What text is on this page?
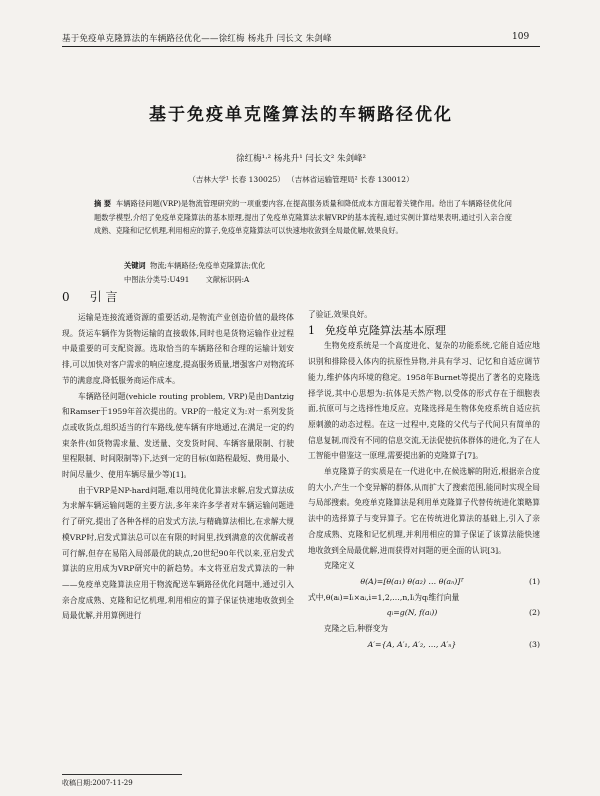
基于免疫单克隆算法的车辆路径优化——徐红梅 杨兆升 闫长文 朱剑峰	109
基于免疫单克隆算法的车辆路径优化
徐红梅¹·² 杨兆升¹ 闫长文² 朱剑峰²
（吉林大学¹ 长春 130025） （吉林省运输管理局² 长春 130012）
摘 要 车辆路径问题(VRP)是物流管理研究的一项重要内容,在提高服务质量和降低成本方面起着关键作用。给出了车辆路径优化问题数学模型,介绍了免疫单克隆算法的基本原理,提出了免疫单克隆算法求解VRP的基本流程,通过实例计算结果表明,通过引入亲合度成熟、克隆和记忆机理,利用相应的算子,免疫单克隆算法可以快速地收敛到全局最优解,效果良好。
关键词 物流;车辆路径;免疫单克隆算法;优化
中图法分类号:U491 文献标识码:A
0 引 言

运输是连接流通资源的重要活动,是物流产业创造价值的最终体现。货运车辆作为货物运输的直接载体,同时也是货物运输作业过程中最重要的可支配资源。选取恰当的车辆路径和合理的运输计划安排,可以加快对客户需求的响应速度,提高服务质量,增强客户对物流环节的满意度,降低服务商运作成本。

车辆路径问题(vehicle routing problem, VRP)是由Dantzig和Ramser于1959年首次提出的。VRP的一般定义为:对一系列发货点或收货点,组织适当的行车路线,使车辆有序地通过,在满足一定的约束条件(如货物需求量、发送量、交发货时间、车辆容量限制、行驶里程限制、时间限制等)下,达到一定的目标(如路程最短、费用最小、时间尽量少、使用车辆尽量少等)[1]。

由于VRP是NP-hard问题,难以用纯优化算法求解,启发式算法成为求解车辆运输问题的主要方法,多年来许多学者对车辆运输问题进行了研究,提出了各种各样的启发式方法,与精确算法相比,在求解大规模VRP时,启发式算法总可以在有限的时间里,找到满意的次优解或者可行解,但存在易陷入局部最优的缺点,20世纪90年代以来,亚启发式算法的应用成为VRP研究中的新趋势。本文将亚启发式算法的一种——免疫单克隆算法应用于物流配送车辆路径优化问题中,通过引入亲合度成熟、克隆和记忆机理,利用相应的算子保证快速地收敛到全局最优解,并用算例进行

了验证,效果良好。

1 免疫单克隆算法基本原理

生物免疫系统是一个高度进化、复杂的功能系统,它能自适应地识别和排除侵入体内的抗原性异物,并具有学习、记忆和自适应调节能力,维护体内环境的稳定。1958年Burnet等提出了著名的克隆选择学说,其中心思想为:抗体是天然产物,以受体的形式存在于细胞表面,抗原可与之选择性地反应。克隆选择是生物体免疫系统自适应抗原刺激的动态过程。在这一过程中,克隆的父代与子代间只有简单的信息复制,而没有不同的信息交流,无法促使抗体群体的进化,为了在人工智能中借鉴这一原理,需要提出新的克隆算子[7]。

单克隆算子的实质是在一代进化中,在候选解的附近,根据亲合度的大小,产生一个变异解的群体,从而扩大了搜索范围,能同时实现全局与局部搜索。免疫单克隆算法是利用单克隆算子代替传统进化策略算法中的选择算子与变异算子。它在传统进化算法的基础上,引入了亲合度成熟、克隆和记忆机理,并利用相应的算子保证了该算法能快速地收敛到全局最优解,进而获得对问题的更全面的认识[3]。

克隆定义

θ(A)=[θ(a₁) θ(a₂) … θ(aₙ)]ᵀ	(1)

式中,θ(aᵢ)=Iᵢ×aᵢ,i=1,2,…,n,Iᵢ为qᵢ维行向量

qᵢ=g(N, f(aᵢ))	(2)

克隆之后,种群变为

A′={A, A′₁, A′₂, …, A′ₙ}	(3)
收稿日期:2007-11-29
